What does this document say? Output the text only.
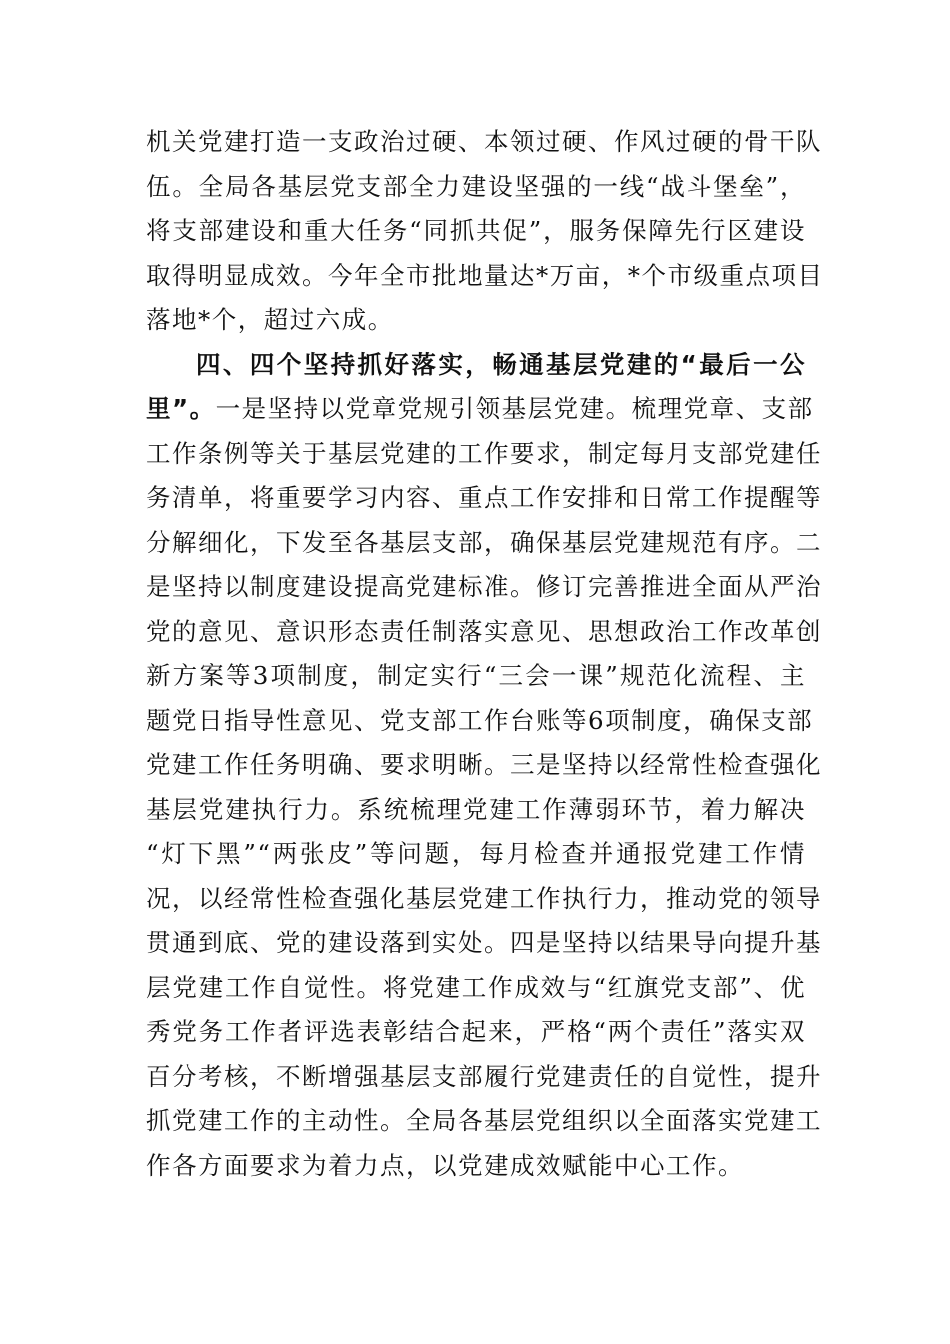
机关党建打造一支政治过硬、本领过硬、作风过硬的骨干队
伍。全局各基层党支部全力建设坚强的一线“战斗堡垒”，
将支部建设和重大任务“同抓共促”，服务保障先行区建设
取得明显成效。今年全市批地量达*万亩，*个市级重点项目
落地*个，超过六成。
四、四个坚持抓好落实，畅通基层党建的“最后一公
里”。一是坚持以党章党规引领基层党建。梳理党章、支部
工作条例等关于基层党建的工作要求，制定每月支部党建任
务清单，将重要学习内容、重点工作安排和日常工作提醒等
分解细化，下发至各基层支部，确保基层党建规范有序。二
是坚持以制度建设提高党建标准。修订完善推进全面从严治
党的意见、意识形态责任制落实意见、思想政治工作改革创
新方案等3项制度，制定实行“三会一课”规范化流程、主
题党日指导性意见、党支部工作台账等6项制度，确保支部
党建工作任务明确、要求明晰。三是坚持以经常性检查强化
基层党建执行力。系统梳理党建工作薄弱环节，着力解决
“灯下黑”“两张皮”等问题，每月检查并通报党建工作情
况，以经常性检查强化基层党建工作执行力，推动党的领导
贯通到底、党的建设落到实处。四是坚持以结果导向提升基
层党建工作自觉性。将党建工作成效与“红旗党支部”、优
秀党务工作者评选表彰结合起来，严格“两个责任”落实双
百分考核，不断增强基层支部履行党建责任的自觉性，提升
抓党建工作的主动性。全局各基层党组织以全面落实党建工
作各方面要求为着力点，以党建成效赋能中心工作。
